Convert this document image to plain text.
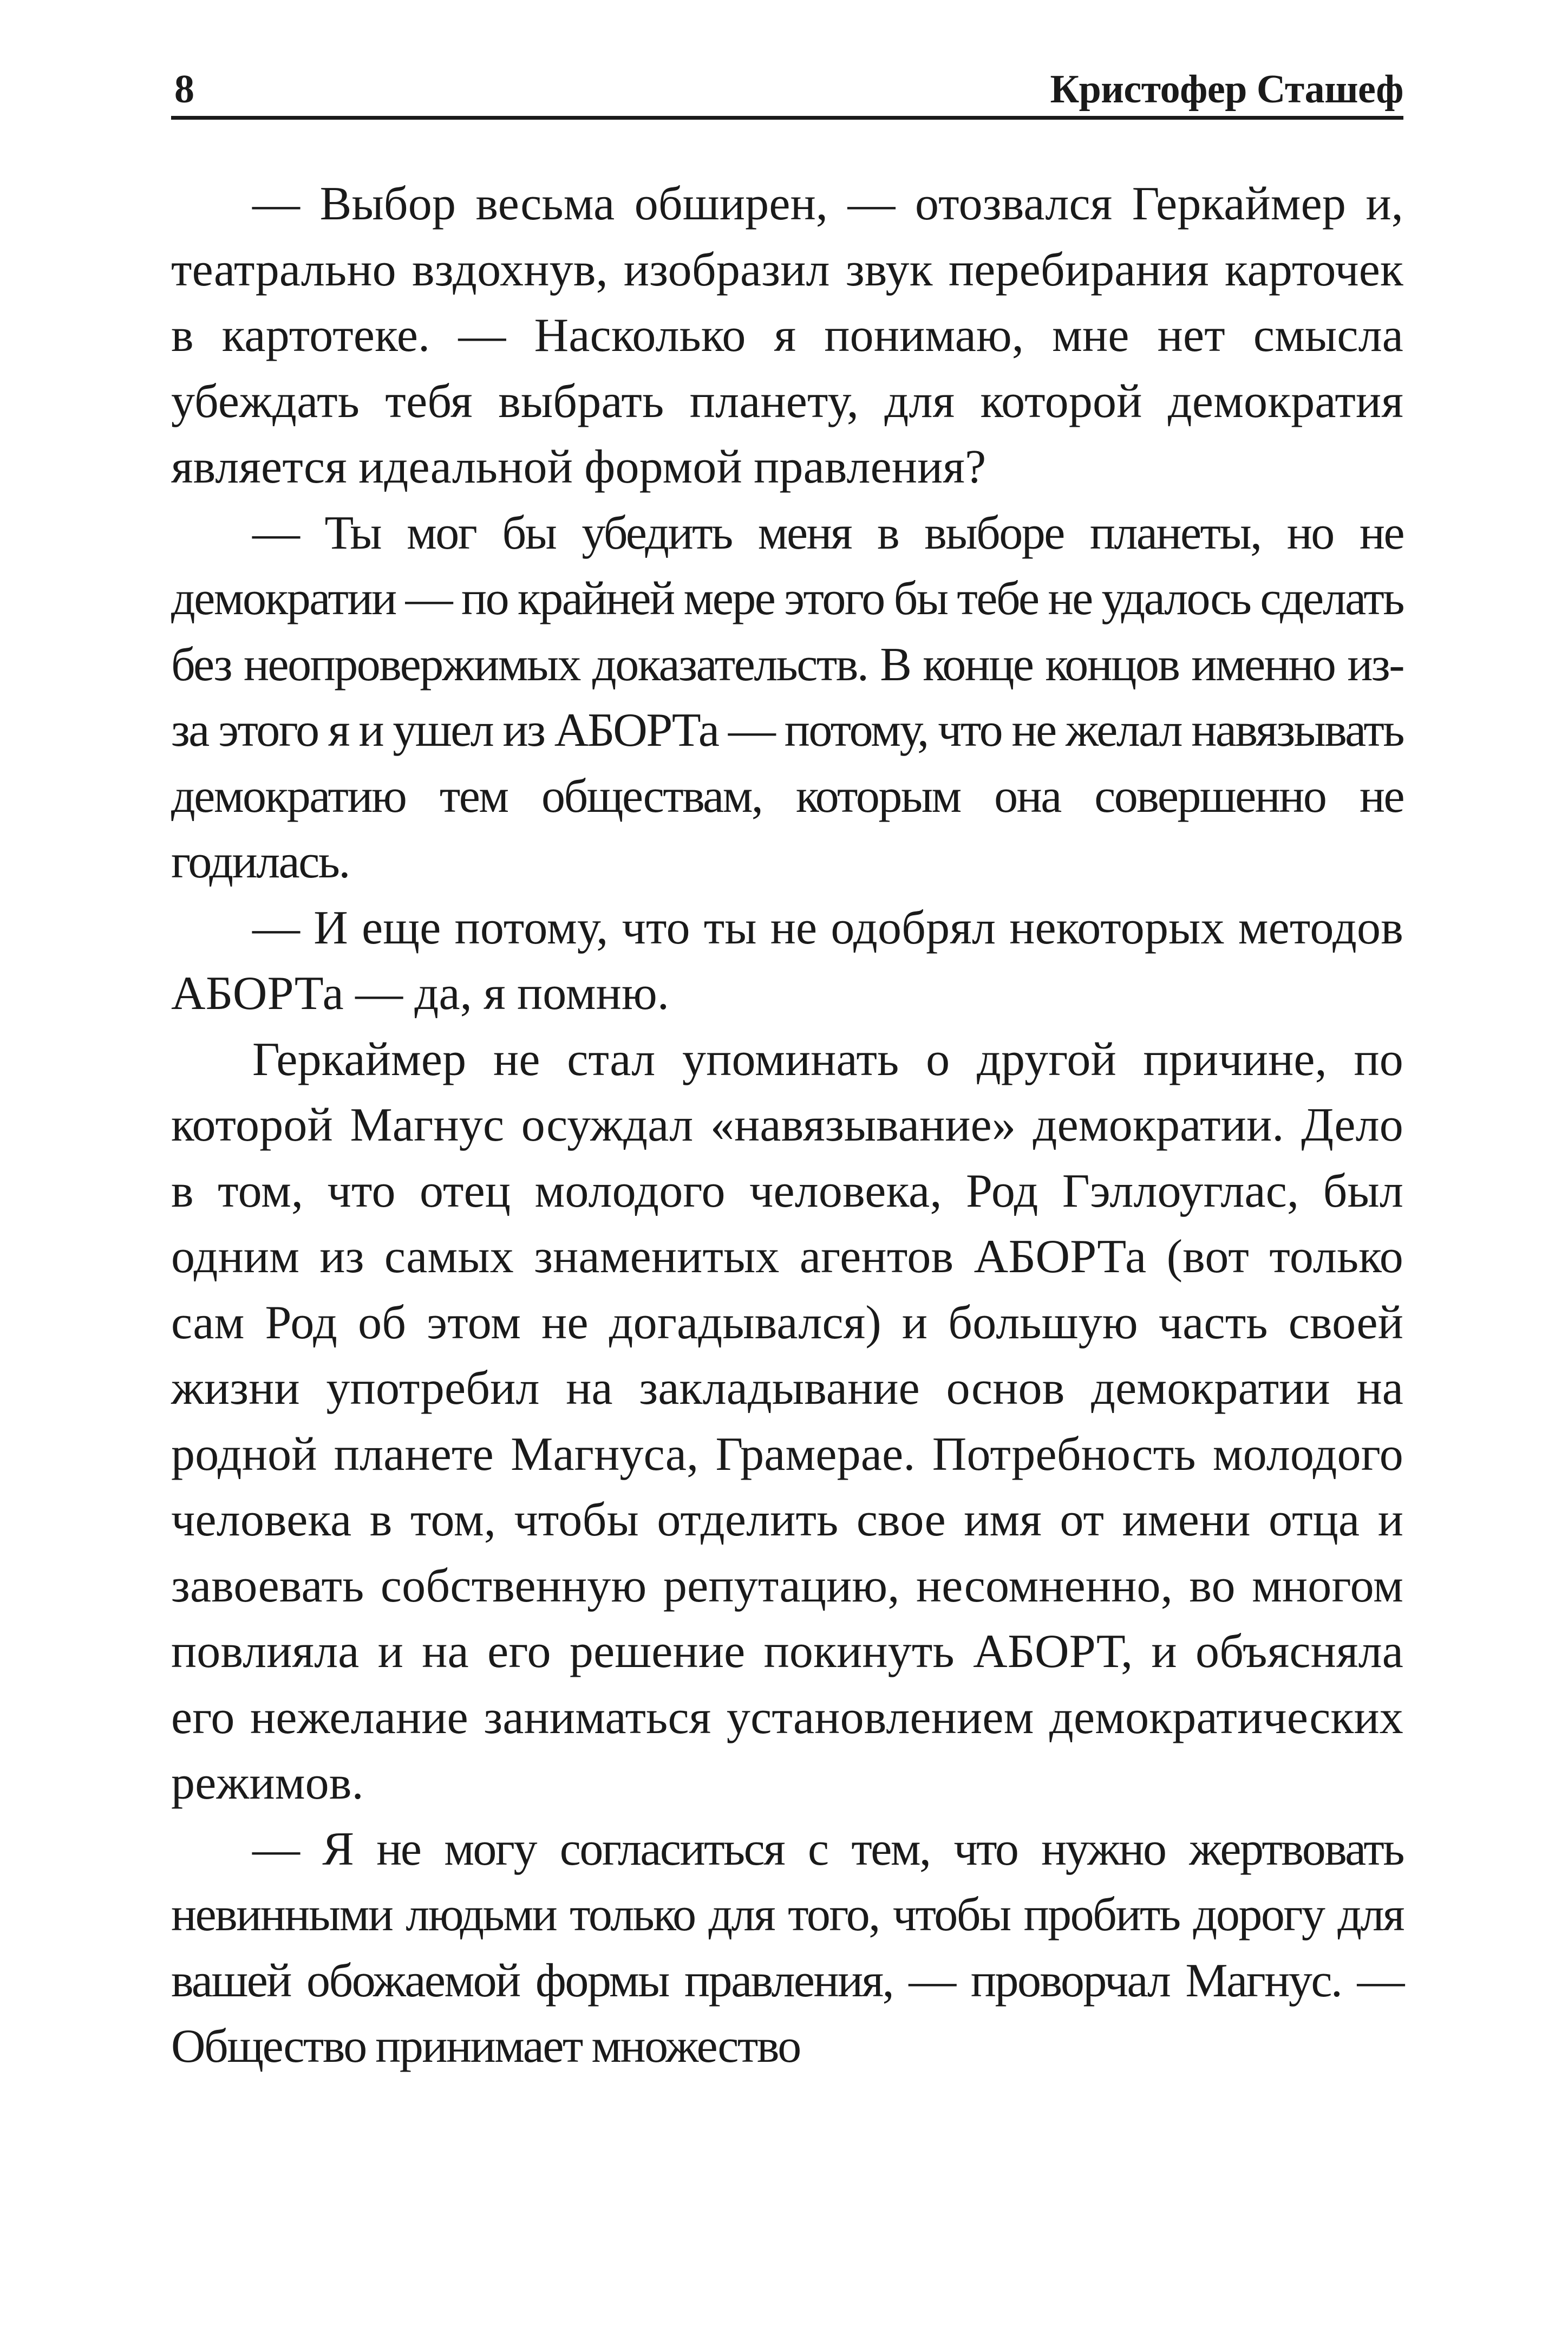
8	Кристофер Сташеф

— Выбор весьма обширен, — отозвался Геркаймер и, театрально вздохнув, изобразил звук перебирания карточек в картотеке. — Насколько я понимаю, мне нет смысла убеждать тебя выбрать планету, для которой демократия является идеальной формой правления?

— Ты мог бы убедить меня в выборе планеты, но не демократии — по крайней мере этого бы тебе не удалось сделать без неопровержимых доказательств. В конце концов именно из-за этого я и ушел из АБОРТа — потому, что не желал навязывать демократию тем обществам, которым она совершенно не годилась.

— И еще потому, что ты не одобрял некоторых методов АБОРТа — да, я помню.

Геркаймер не стал упоминать о другой причине, по которой Магнус осуждал «навязывание» демократии. Дело в том, что отец молодого человека, Род Гэллоуглас, был одним из самых знаменитых агентов АБОРТа (вот только сам Род об этом не догадывался) и большую часть своей жизни употребил на закладывание основ демократии на родной планете Магнуса, Грамерае. Потребность молодого человека в том, чтобы отделить свое имя от имени отца и завоевать собственную репутацию, несомненно, во многом повлияла и на его решение покинуть АБОРТ, и объясняла его нежелание заниматься установлением демократических режимов.

— Я не могу согласиться с тем, что нужно жертвовать невинными людьми только для того, чтобы пробить дорогу для вашей обожаемой формы правления, — проворчал Магнус. — Общество принимает множество
